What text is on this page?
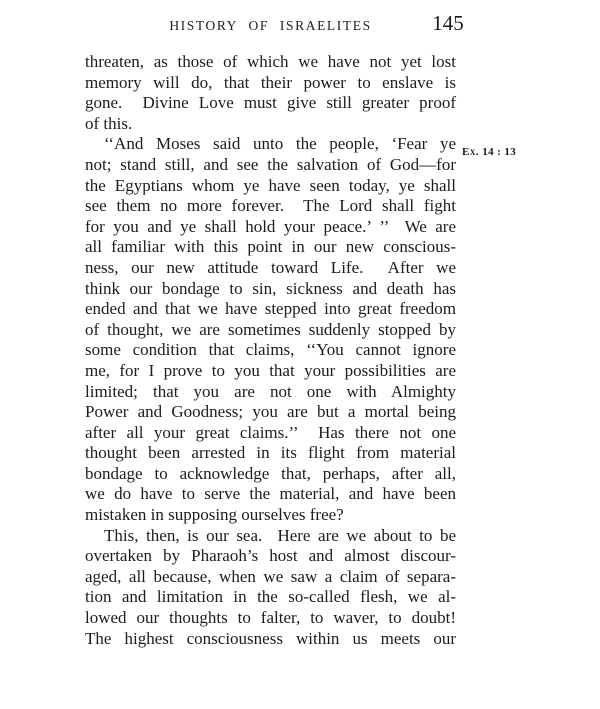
HISTORY OF ISRAELITES	145
Ex. 14 : 13
threaten, as those of which we have not yet lost
memory will do, that their power to enslave is
gone.  Divine Love must give still greater proof
of this.
‘‘And Moses said unto the people, ‘Fear ye
not; stand still, and see the salvation of God—for
the Egyptians whom ye have seen today, ye shall
see them no more forever.  The Lord shall fight
for you and ye shall hold your peace.’ ’’  We are
all familiar with this point in our new conscious-
ness, our new attitude toward Life.  After we
think our bondage to sin, sickness and death has
ended and that we have stepped into great freedom
of thought, we are sometimes suddenly stopped by
some condition that claims, ‘‘You cannot ignore
me, for I prove to you that your possibilities are
limited; that you are not one with Almighty
Power and Goodness; you are but a mortal being
after all your great claims.’’  Has there not one
thought been arrested in its flight from material
bondage to acknowledge that, perhaps, after all,
we do have to serve the material, and have been
mistaken in supposing ourselves free?
This, then, is our sea.  Here are we about to be
overtaken by Pharaoh’s host and almost discour-
aged, all because, when we saw a claim of separa-
tion and limitation in the so-called flesh, we al-
lowed our thoughts to falter, to waver, to doubt!
The highest consciousness within us meets our
